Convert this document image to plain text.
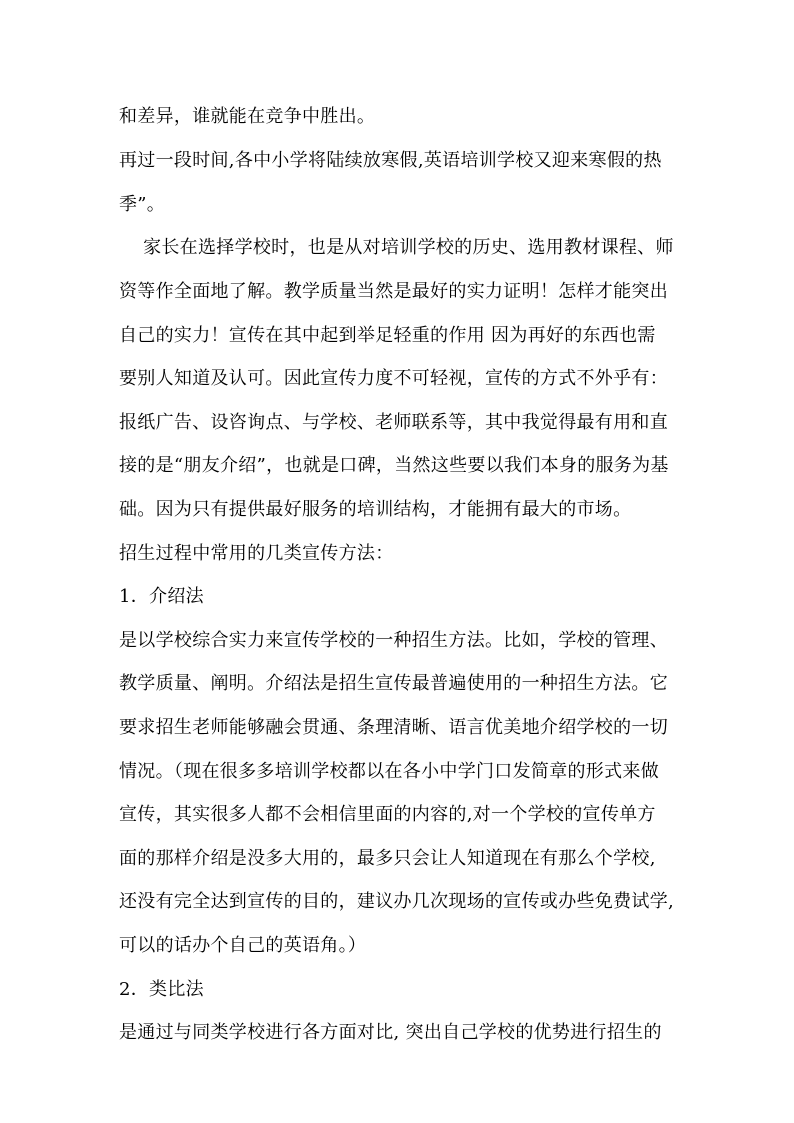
和差异，谁就能在竞争中胜出。
再过一段时间,各中小学将陆续放寒假,英语培训学校又迎来寒假的热
季”。
家长在选择学校时，也是从对培训学校的历史、选用教材课程、师
资等作全面地了解。教学质量当然是最好的实力证明！怎样才能突出
自己的实力！宣传在其中起到举足轻重的作用 因为再好的东西也需
要别人知道及认可。因此宣传力度不可轻视，宣传的方式不外乎有：
报纸广告、设咨询点、与学校、老师联系等，其中我觉得最有用和直
接的是“朋友介绍”，也就是口碑，当然这些要以我们本身的服务为基
础。因为只有提供最好服务的培训结构，才能拥有最大的市场。
招生过程中常用的几类宣传方法：
1．介绍法
是以学校综合实力来宣传学校的一种招生方法。比如，学校的管理、
教学质量、阐明。介绍法是招生宣传最普遍使用的一种招生方法。它
要求招生老师能够融会贯通、条理清晰、语言优美地介绍学校的一切
情况。（现在很多多培训学校都以在各小中学门口发简章的形式来做
宣传，其实很多人都不会相信里面的内容的,对一个学校的宣传单方
面的那样介绍是没多大用的，最多只会让人知道现在有那么个学校,
还没有完全达到宣传的目的，建议办几次现场的宣传或办些免费试学,
可以的话办个自己的英语角。）
2．类比法
是通过与同类学校进行各方面对比, 突出自己学校的优势进行招生的
